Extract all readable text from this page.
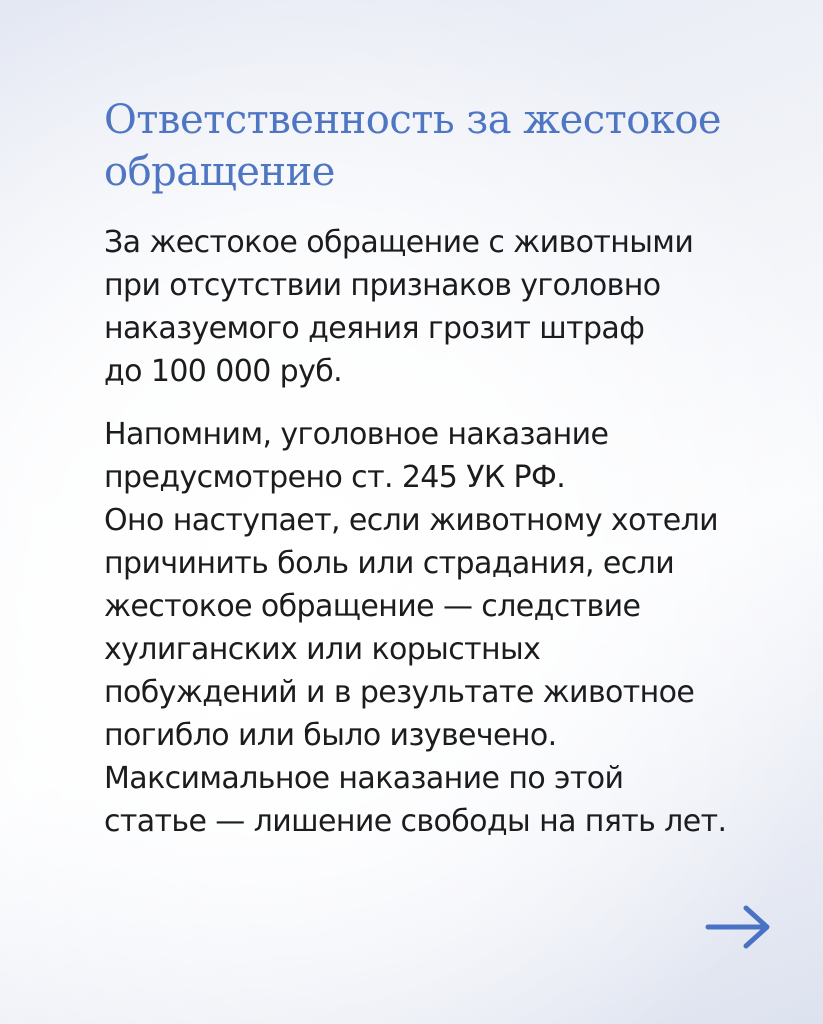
Ответственность за жестокое обращение

За жестокое обращение с животными
при отсутствии признаков уголовно
наказуемого деяния грозит штраф
до 100 000 руб.

Напомним, уголовное наказание
предусмотрено ст. 245 УК РФ.
Оно наступает, если животному хотели
причинить боль или страдания, если
жестокое обращение — следствие
хулиганских или корыстных
побуждений и в результате животное
погибло или было изувечено.
Максимальное наказание по этой
статье — лишение свободы на пять лет.
